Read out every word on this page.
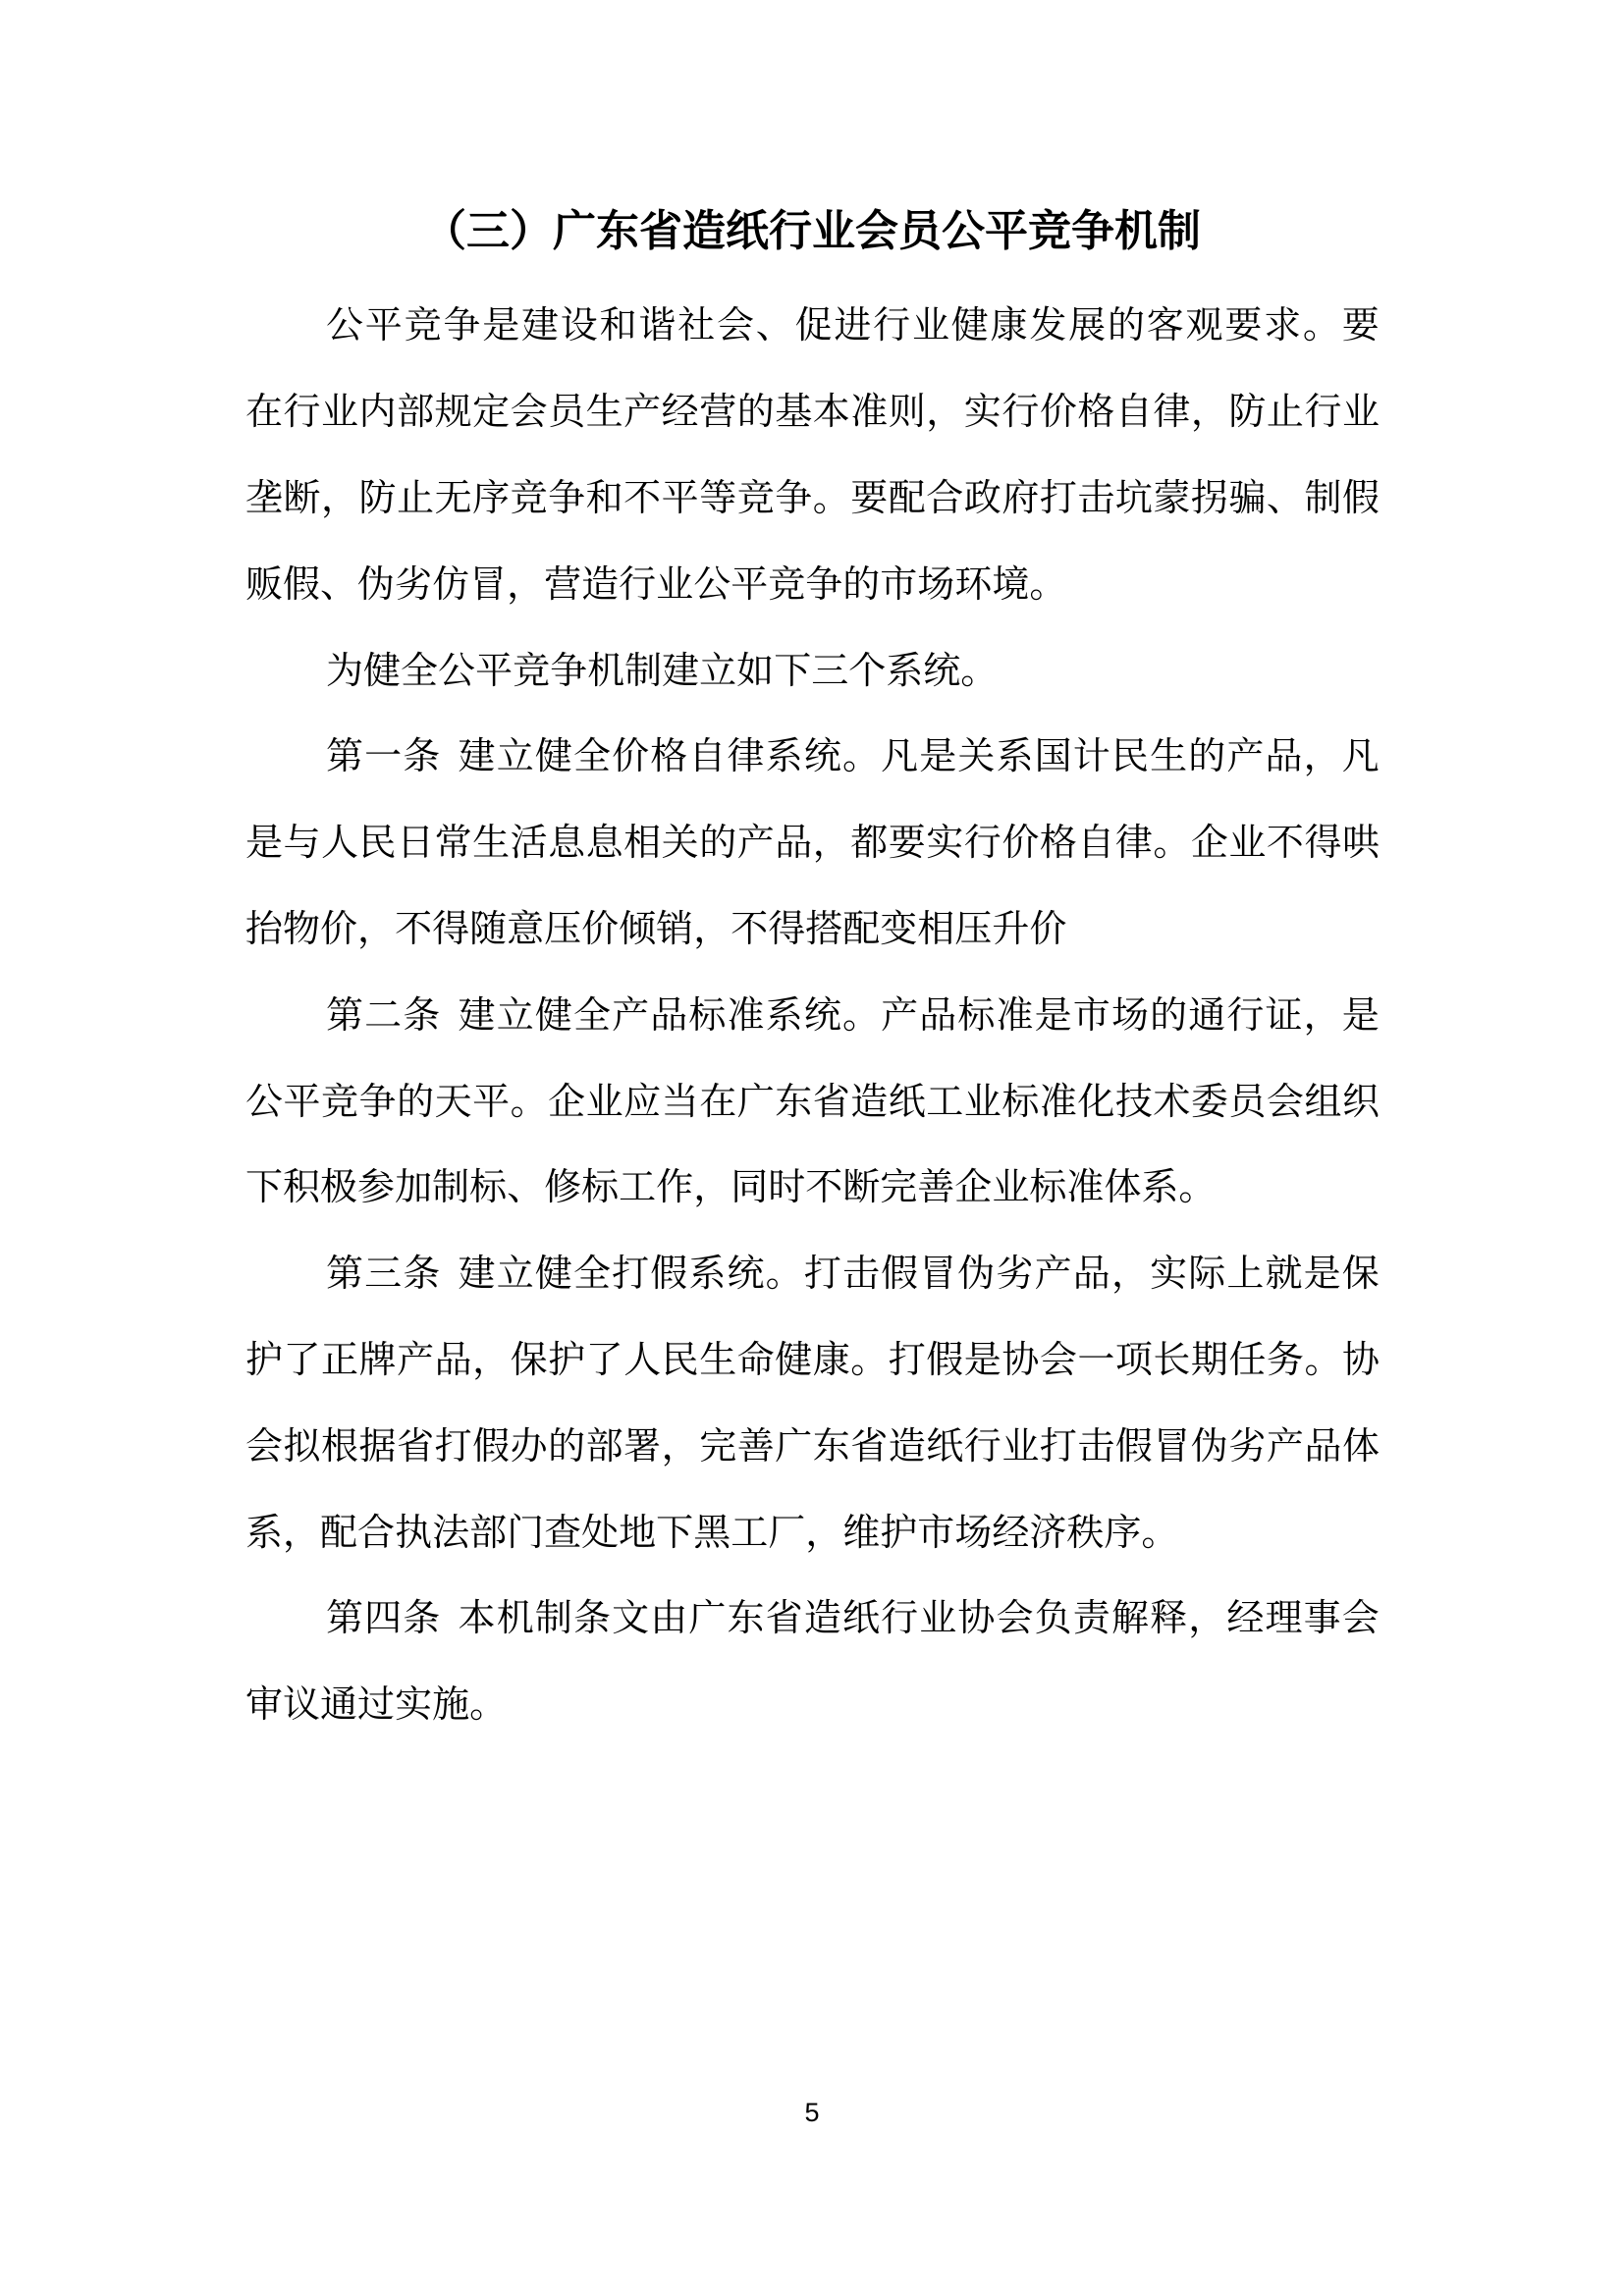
（三）广东省造纸行业会员公平竞争机制
公 平 竞 争 是 建 设 和 谐 社 会 、 促 进 行 业 健 康 发 展 的 客 观 要 求 。 要
在 行 业 内 部 规 定 会 员 生 产 经 营 的 基 本 准 则 ， 实 行 价 格 自 律 ， 防 止 行 业
垄 断 ， 防 止 无 序 竞 争 和 不 平 等 竞 争 。 要 配 合 政 府 打 击 坑 蒙 拐 骗 、 制 假
贩 假 、 伪 劣 仿 冒 ， 营 造 行 业 公 平 竞 争 的 市 场 环 境 。
为 健 全 公 平 竞 争 机 制 建 立 如 下 三 个 系 统 。
第 一 条
建 立 健 全 价 格 自 律 系 统 。 凡 是 关 系 国 计 民 生 的 产 品 ， 凡
是 与 人 民 日 常 生 活 息 息 相 关 的 产 品 ， 都 要 实 行 价 格 自 律 。 企 业 不 得 哄
抬 物 价 ， 不 得 随 意 压 价 倾 销 ， 不 得 搭 配 变 相 压 升 价
第 二 条
建 立 健 全 产 品 标 准 系 统 。 产 品 标 准 是 市 场 的 通 行 证 ， 是
公 平 竞 争 的 天 平 。 企 业 应 当 在 广 东 省 造 纸 工 业 标 准 化 技 术 委 员 会 组 织
下 积 极 参 加 制 标 、 修 标 工 作 ， 同 时 不 断 完 善 企 业 标 准 体 系 。
第 三 条
建 立 健 全 打 假 系 统 。 打 击 假 冒 伪 劣 产 品 ， 实 际 上 就 是 保
护 了 正 牌 产 品 ， 保 护 了 人 民 生 命 健 康 。 打 假 是 协 会 一 项 长 期 任 务 。 协
会 拟 根 据 省 打 假 办 的 部 署 ， 完 善 广 东 省 造 纸 行 业 打 击 假 冒 伪 劣 产 品 体
系 ， 配 合 执 法 部 门 查 处 地 下 黑 工 厂 ， 维 护 市 场 经 济 秩 序 。
第 四 条
本 机 制 条 文 由 广 东 省 造 纸 行 业 协 会 负 责 解 释 ， 经 理 事 会
审 议 通 过 实 施 。
5
